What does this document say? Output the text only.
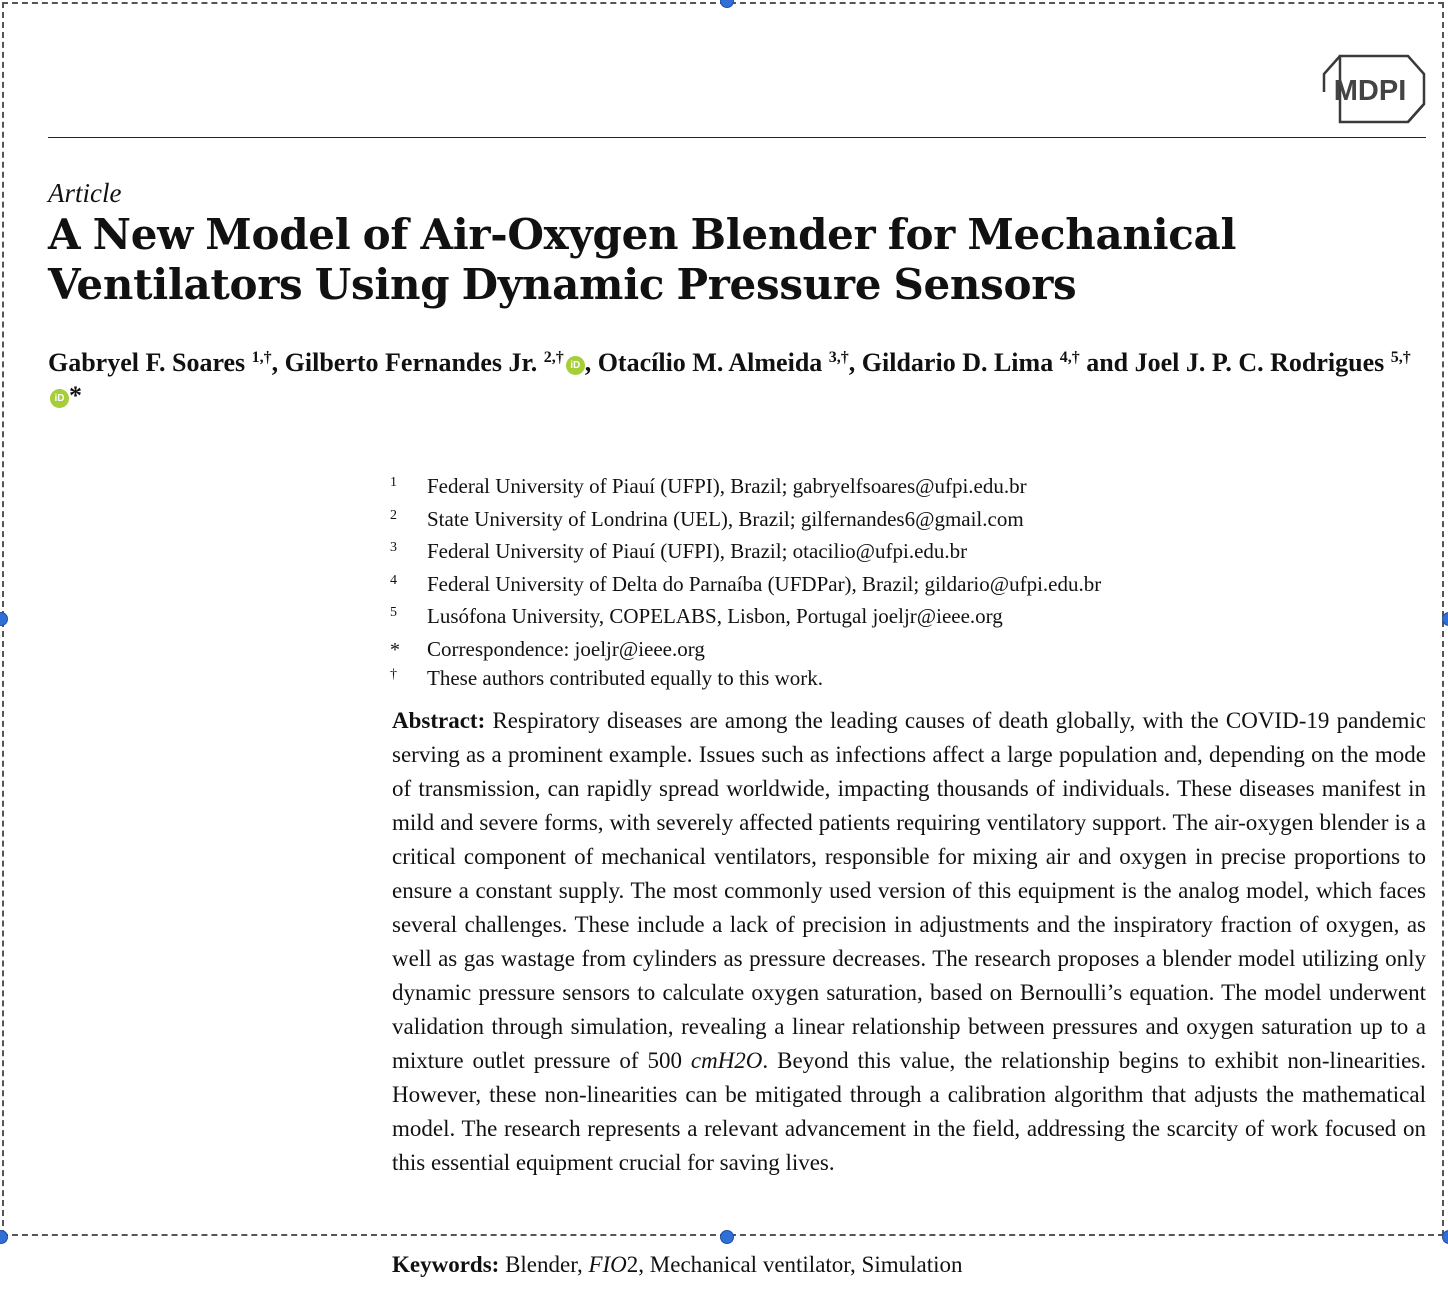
MDPI
Article
A New Model of Air-Oxygen Blender for Mechanical Ventilators Using Dynamic Pressure Sensors
Gabryel F. Soares $^{1,\dagger}$, Gilberto Fernandes Jr. $^{2,\dagger}$ iD , Otacílio M. Almeida $^{3,\dagger}$, Gildario D. Lima $^{4,\dagger}$ and Joel J. P. C. Rodrigues $^{5,\dagger}$iD *
1	Federal University of Piauí (UFPI), Brazil; gabryelfsoares@ufpi.edu.br
2	State University of Londrina (UEL), Brazil; gilfernandes6@gmail.com
3	Federal University of Piauí (UFPI), Brazil; otacilio@ufpi.edu.br
4	Federal University of Delta do Parnaíba (UFDPar), Brazil; gildario@ufpi.edu.br
5	Lusófona University, COPELABS, Lisbon, Portugal joeljr@ieee.org
*	Correspondence: joeljr@ieee.org
†	These authors contributed equally to this work.

Abstract: Respiratory diseases are among the leading causes of death globally, with the COVID-19 pandemic serving as a prominent example. Issues such as infections affect a large population and, depending on the mode of transmission, can rapidly spread worldwide, impacting thousands of individuals. These diseases manifest in mild and severe forms, with severely affected patients requiring ventilatory support. The air-oxygen blender is a critical component of mechanical ventilators, responsible for mixing air and oxygen in precise proportions to ensure a constant supply. The most commonly used version of this equipment is the analog model, which faces several challenges. These include a lack of precision in adjustments and the inspiratory fraction of oxygen, as well as gas wastage from cylinders as pressure decreases. The research proposes a blender model utilizing only dynamic pressure sensors to calculate oxygen saturation, based on Bernoulli’s equation. The model underwent validation through simulation, revealing a linear relationship between pressures and oxygen saturation up to a mixture outlet pressure of 500 cmH2O. Beyond this value, the relationship begins to exhibit non-linearities. However, these non-linearities can be mitigated through a calibration algorithm that adjusts the mathematical model. The research represents a relevant advancement in the field, addressing the scarcity of work focused on this essential equipment crucial for saving lives.

Keywords: Blender, FIO2, Mechanical ventilator, Simulation
